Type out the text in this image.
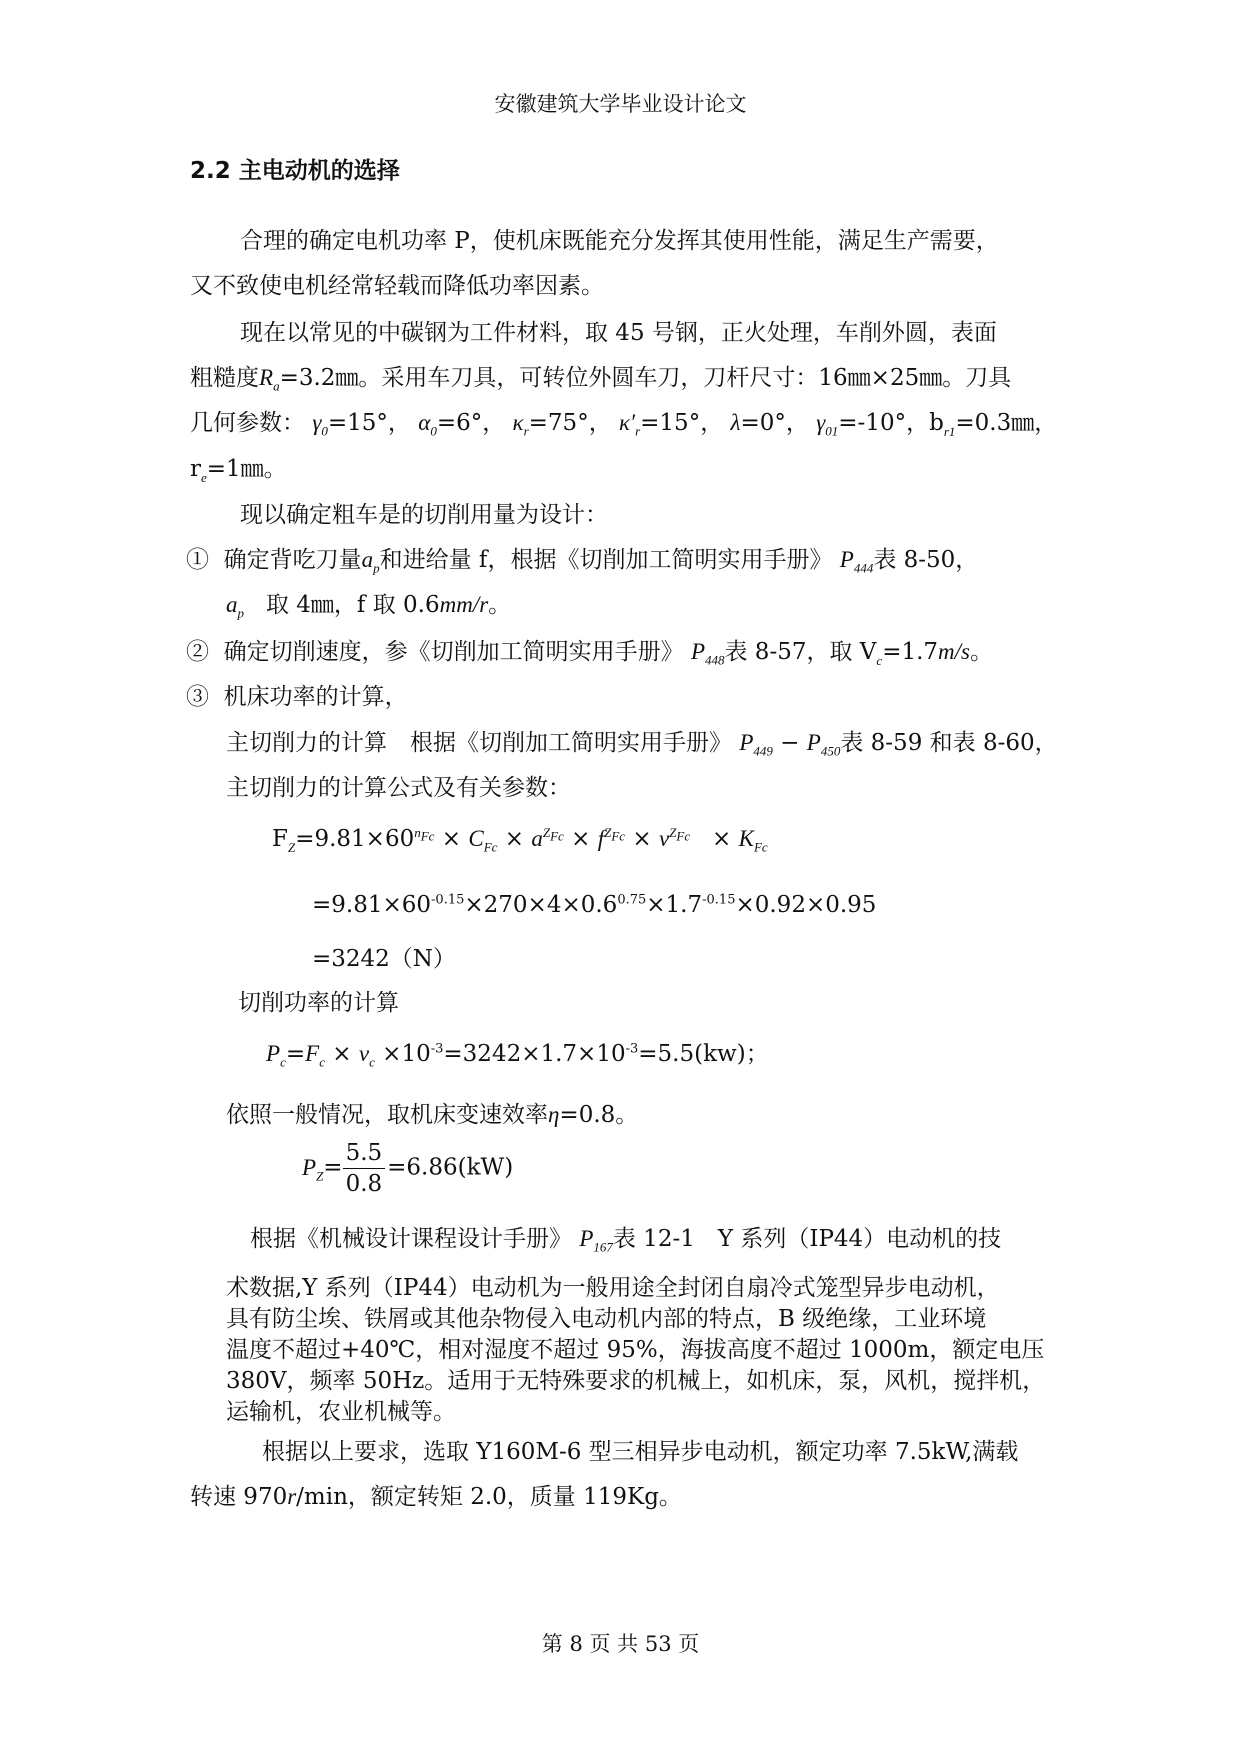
安徽建筑大学毕业设计论文
2.2 主电动机的选择
合理的确定电机功率 P，使机床既能充分发挥其使用性能，满足生产需要，
又不致使电机经常轻载而降低功率因素。
现在以常见的中碳钢为工件材料，取 45 号钢，正火处理，车削外圆，表面
粗糙度$R_a=3.2㎜$。采用车刀具，可转位外圆车刀，刀杆尺寸：16㎜×25㎜。刀具
几何参数： $\gamma_0=15^\circ$， $\alpha_0=6^\circ$， $\kappa_r=75^\circ$， $\kappa'_r=15^\circ$， λ=0°， $\gamma_{01}=-10^\circ$，$b_{r1}=0.3㎜$，
$r_e=1㎜$。
现以确定粗车是的切削用量为设计：
① 确定背吃刀量$a_p$和进给量 f，根据《切削加工简明实用手册》 $P_{444}$表 8-50，
$a_p$ 取 4㎜，f 取 0.6mm/r。
② 确定切削速度，参《切削加工简明实用手册》 $P_{448}$表 8-57，取 $V_c=1.7m/s$。
③ 机床功率的计算，
主切削力的计算　根据《切削加工简明实用手册》 $P_{449} - P_{450}$表 8-59 和表 8-60，
主切削力的计算公式及有关参数：
$F_Z=9.81\times 60^{n_{Fc}} \times C_{Fc} \times a^{Z_{Fc}} \times f^{Z_{Fc}} \times v^{Z_{Fc}} \times K_{Fc}$
$=9.81\times 60^{-0.15}\times 270\times 4\times 0.6^{0.75}\times 1.7^{-0.15}\times 0.92\times 0.95$
=3242（N）
切削功率的计算
$P_c=F_c \times v_c \times 10^{-3}=3242\times 1.7\times 10^{-3}=5.5(kw)$；
依照一般情况，取机床变速效率η=0.8。
$P_Z= \frac{5.5}{0.8} =6.86(kW)$
根据《机械设计课程设计手册》 $P_{167}$表 12-1　Y 系列（IP44）电动机的技
术数据,Y 系列（IP44）电动机为一般用途全封闭自扇冷式笼型异步电动机，
具有防尘埃、铁屑或其他杂物侵入电动机内部的特点，B 级绝缘，工业环境
温度不超过+40℃，相对湿度不超过 95%，海拔高度不超过 1000m，额定电压
380V，频率 50Hz。适用于无特殊要求的机械上，如机床，泵，风机，搅拌机，
运输机，农业机械等。
根据以上要求，选取 Y160M-6 型三相异步电动机，额定功率 7.5kW,满载
转速 970r/min，额定转矩 2.0，质量 119Kg。
第 8 页 共 53 页
